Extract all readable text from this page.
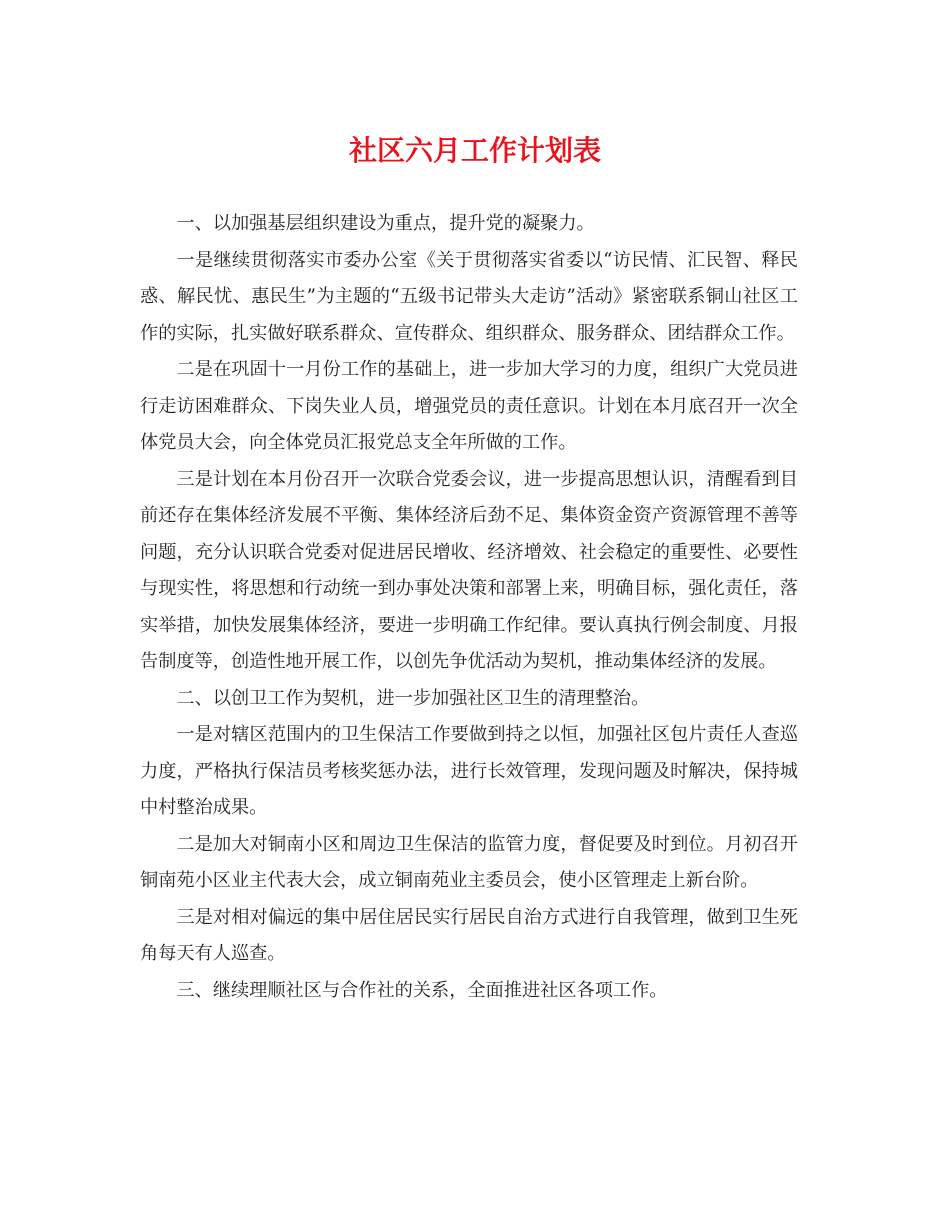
社区六月工作计划表

一、以加强基层组织建设为重点，提升党的凝聚力。

一是继续贯彻落实市委办公室《关于贯彻落实省委以“访民情、汇民智、释民惑、解民忧、惠民生”为主题的“五级书记带头大走访”活动》紧密联系铜山社区工作的实际，扎实做好联系群众、宣传群众、组织群众、服务群众、团结群众工作。

二是在巩固十一月份工作的基础上，进一步加大学习的力度，组织广大党员进行走访困难群众、下岗失业人员，增强党员的责任意识。计划在本月底召开一次全体党员大会，向全体党员汇报党总支全年所做的工作。

三是计划在本月份召开一次联合党委会议，进一步提高思想认识，清醒看到目前还存在集体经济发展不平衡、集体经济后劲不足、集体资金资产资源管理不善等问题，充分认识联合党委对促进居民增收、经济增效、社会稳定的重要性、必要性与现实性，将思想和行动统一到办事处决策和部署上来，明确目标，强化责任，落实举措，加快发展集体经济，要进一步明确工作纪律。要认真执行例会制度、月报告制度等，创造性地开展工作，以创先争优活动为契机，推动集体经济的发展。

二、以创卫工作为契机，进一步加强社区卫生的清理整治。

一是对辖区范围内的卫生保洁工作要做到持之以恒，加强社区包片责任人查巡力度，严格执行保洁员考核奖惩办法，进行长效管理，发现问题及时解决，保持城中村整治成果。

二是加大对铜南小区和周边卫生保洁的监管力度，督促要及时到位。月初召开铜南苑小区业主代表大会，成立铜南苑业主委员会，使小区管理走上新台阶。

三是对相对偏远的集中居住居民实行居民自治方式进行自我管理，做到卫生死角每天有人巡查。

三、继续理顺社区与合作社的关系，全面推进社区各项工作。
